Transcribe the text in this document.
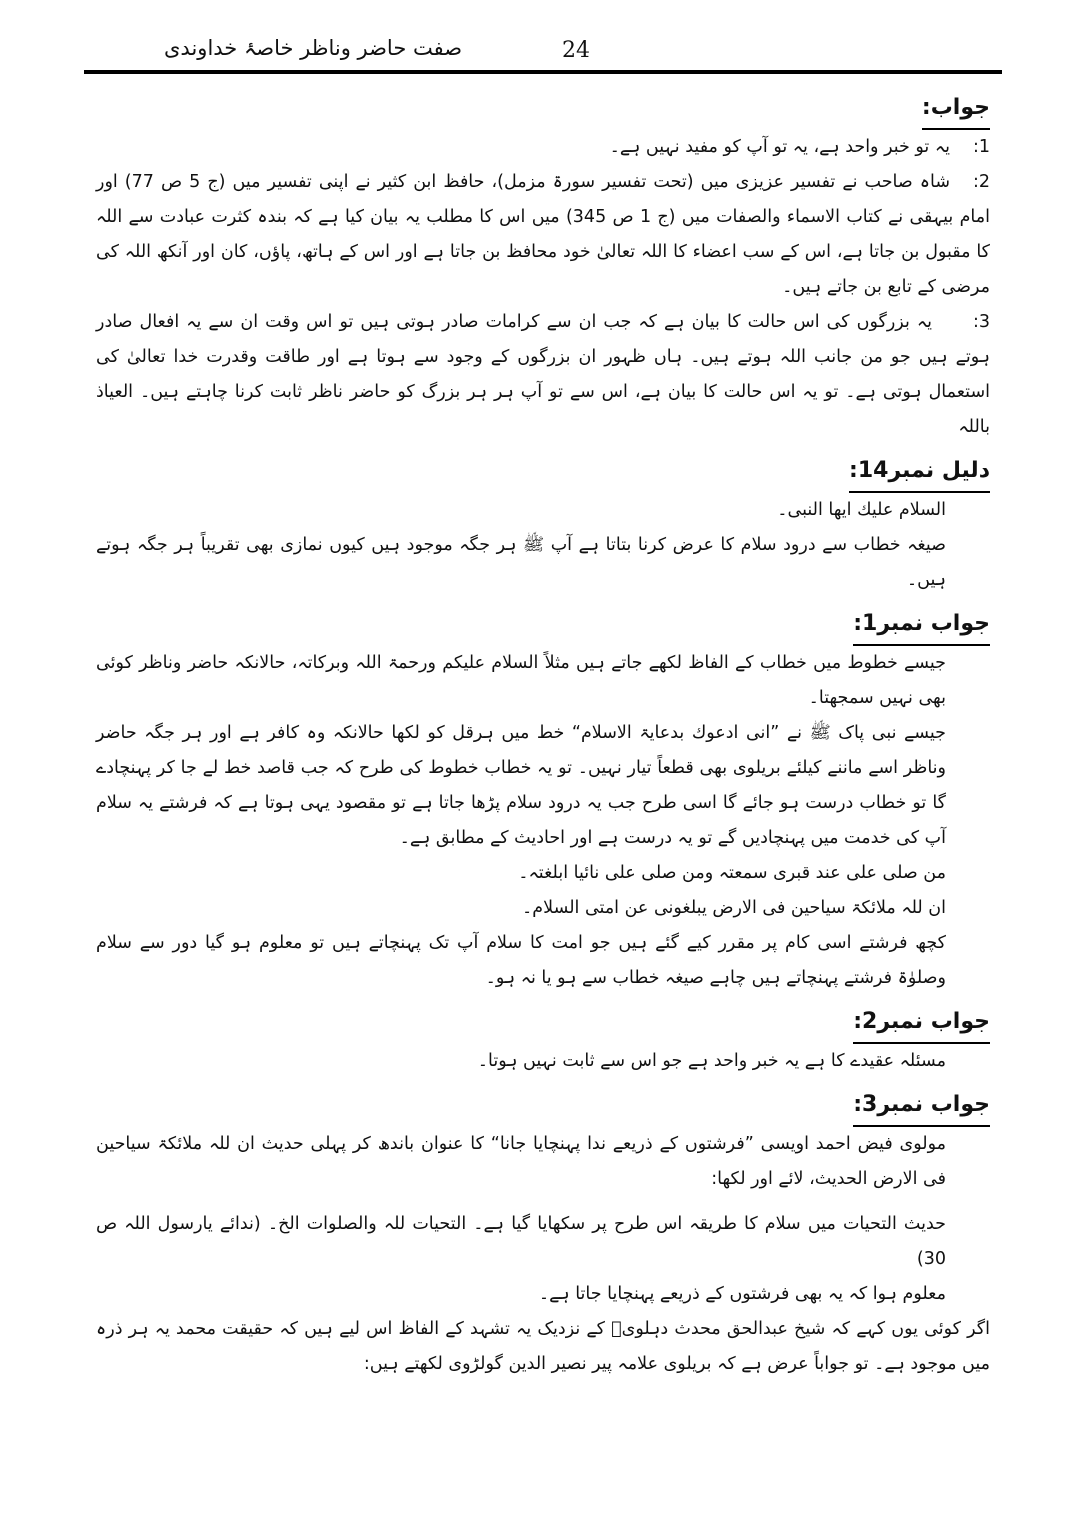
صفت حاضر وناظر خاصۂ خداوندی	24
جواب:

1:یہ تو خبر واحد ہے، یہ تو آپ کو مفید نہیں ہے۔

2:شاہ صاحب نے تفسیر عزیزی میں (تحت تفسیر سورۃ مزمل)، حافظ ابن کثیر نے اپنی تفسیر میں (ج 5 ص 77) اور امام بیہقی نے کتاب الاسماء والصفات میں (ج 1 ص 345) میں اس کا مطلب یہ بیان کیا ہے کہ بندہ کثرت عبادت سے اللہ کا مقبول بن جاتا ہے، اس کے سب اعضاء کا اللہ تعالیٰ خود محافظ بن جاتا ہے اور اس کے ہاتھ، پاؤں، کان اور آنکھ اللہ کی مرضی کے تابع بن جاتے ہیں۔

3:یہ بزرگوں کی اس حالت کا بیان ہے کہ جب ان سے کرامات صادر ہوتی ہیں تو اس وقت ان سے یہ افعال صادر ہوتے ہیں جو من جانب اللہ ہوتے ہیں۔ ہاں ظہور ان بزرگوں کے وجود سے ہوتا ہے اور طاقت وقدرت خدا تعالیٰ کی استعمال ہوتی ہے۔ تو یہ اس حالت کا بیان ہے، اس سے تو آپ ہر ہر بزرگ کو حاضر ناظر ثابت کرنا چاہتے ہیں۔ العیاذ باللہ

دلیل نمبر14:

السلام علیك ایھا النبی۔

صیغہ خطاب سے درود سلام کا عرض کرنا بتاتا ہے آپ ﷺ ہر جگہ موجود ہیں کیوں نمازی بھی تقریباً ہر جگہ ہوتے ہیں۔

جواب نمبر1:

جیسے خطوط میں خطاب کے الفاظ لکھے جاتے ہیں مثلاً السلام علیکم ورحمۃ اللہ وبرکاتہ، حالانکہ حاضر وناظر کوئی بھی نہیں سمجھتا۔

جیسے نبی پاک ﷺ نے ”انی ادعوك بدعایۃ الاسلام“ خط میں ہرقل کو لکھا حالانکہ وہ کافر ہے اور ہر جگہ حاضر وناظر اسے ماننے کیلئے بریلوی بھی قطعاً تیار نہیں۔ تو یہ خطاب خطوط کی طرح کہ جب قاصد خط لے جا کر پہنچادے گا تو خطاب درست ہو جائے گا اسی طرح جب یہ درود سلام پڑھا جاتا ہے تو مقصود یہی ہوتا ہے کہ فرشتے یہ سلام آپ کی خدمت میں پہنچادیں گے تو یہ درست ہے اور احادیث کے مطابق ہے۔

من صلی علی عند قبری سمعتہ ومن صلی علی نائیا ابلغتہ۔

ان للہ ملائکۃ سیاحین فی الارض یبلغونی عن امتی السلام۔

کچھ فرشتے اسی کام پر مقرر کیے گئے ہیں جو امت کا سلام آپ تک پہنچاتے ہیں تو معلوم ہو گیا دور سے سلام وصلوٰۃ فرشتے پہنچاتے ہیں چاہے صیغہ خطاب سے ہو یا نہ ہو۔

جواب نمبر2:

مسئلہ عقیدے کا ہے یہ خبر واحد ہے جو اس سے ثابت نہیں ہوتا۔

جواب نمبر3:

مولوی فیض احمد اویسی ”فرشتوں کے ذریعے ندا پہنچایا جانا“ کا عنوان باندھ کر پہلی حدیث ان للہ ملائکۃ سیاحین فی الارض الحدیث، لائے اور لکھا:

حدیث التحیات میں سلام کا طریقہ اس طرح پر سکھایا گیا ہے۔ التحیات للہ والصلوات الخ۔ (ندائے یارسول اللہ ص 30)

معلوم ہوا کہ یہ بھی فرشتوں کے ذریعے پہنچایا جاتا ہے۔

اگر کوئی یوں کہے کہ شیخ عبدالحق محدث دہلویؒ کے نزدیک یہ تشہد کے الفاظ اس لیے ہیں کہ حقیقت محمد یہ ہر ذرہ میں موجود ہے۔ تو جواباً عرض ہے کہ بریلوی علامہ پیر نصیر الدین گولڑوی لکھتے ہیں:
